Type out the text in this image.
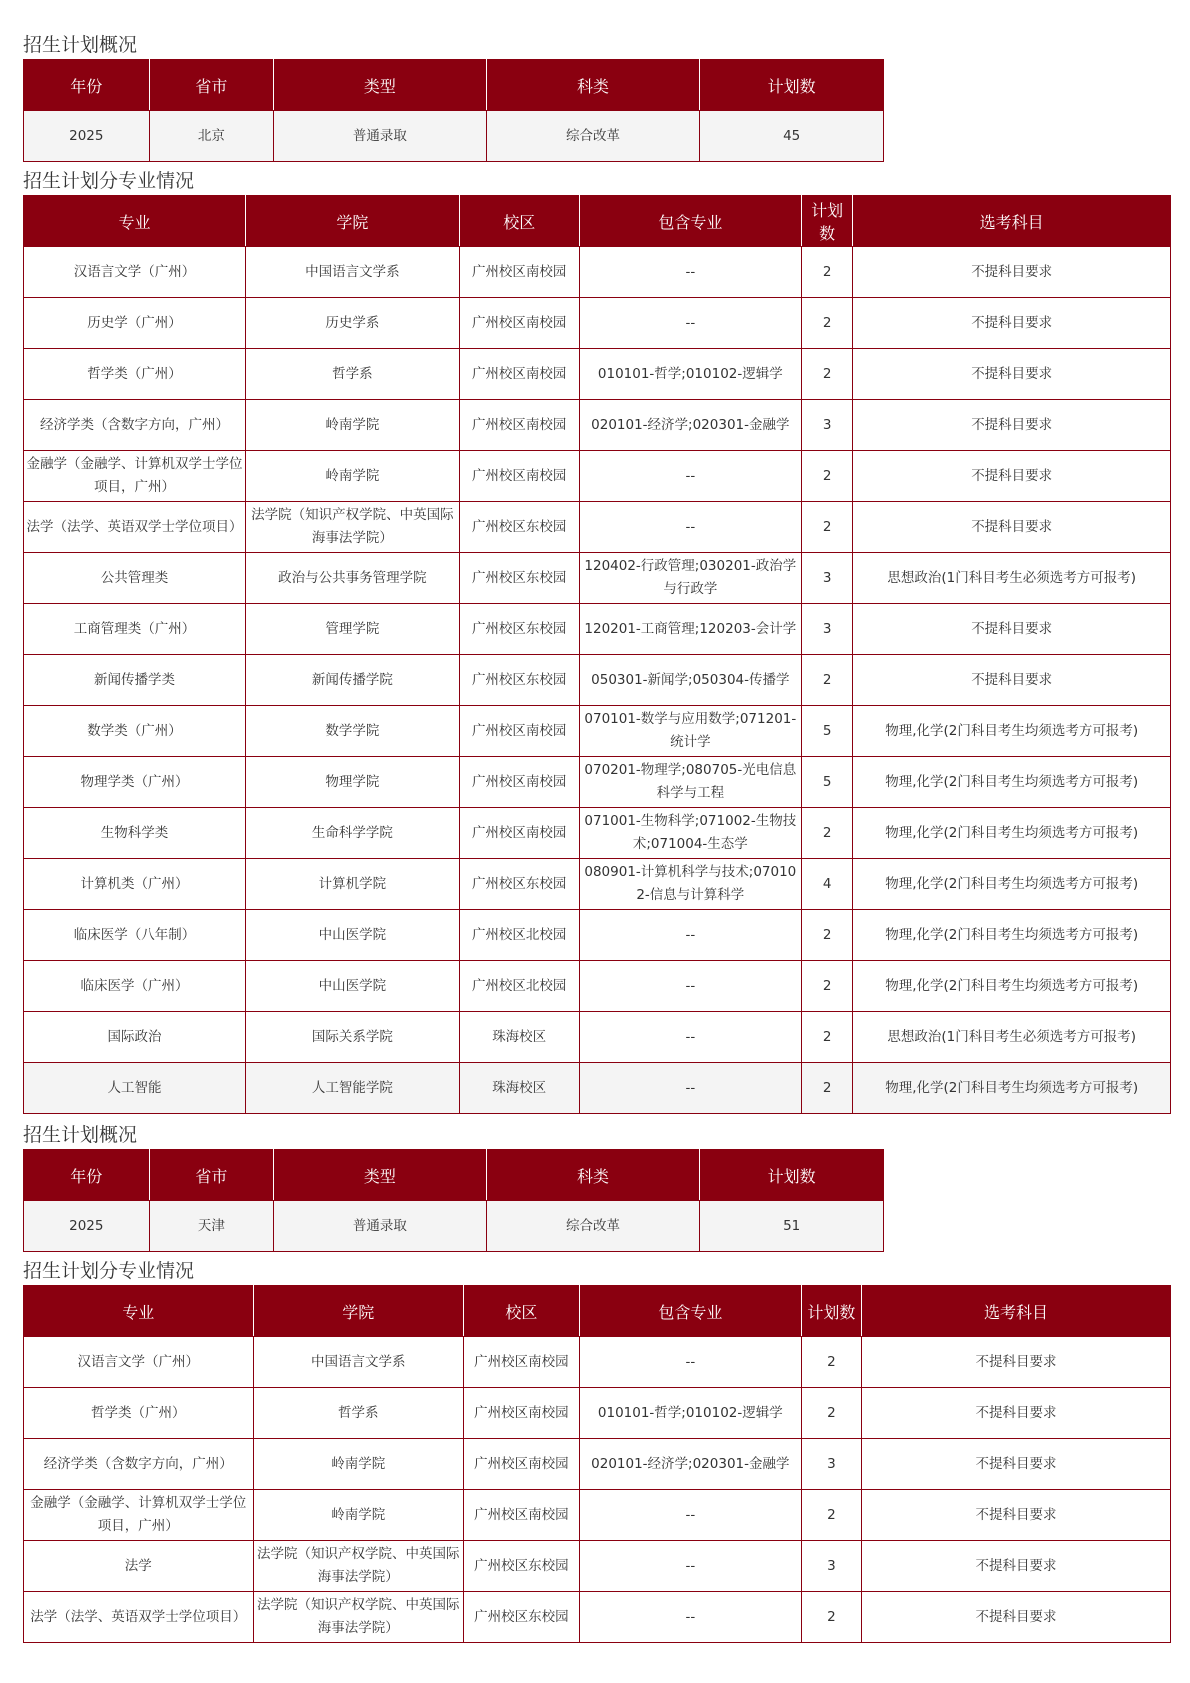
招生计划概况
年份	省市	类型	科类	计划数
2025	北京	普通录取	综合改革	45
招生计划分专业情况
专业	学院	校区	包含专业	计划数	选考科目
汉语言文学（广州）	中国语言文学系	广州校区南校园	--	2	不提科目要求
历史学（广州）	历史学系	广州校区南校园	--	2	不提科目要求
哲学类（广州）	哲学系	广州校区南校园	010101-哲学;010102-逻辑学	2	不提科目要求
经济学类（含数字方向，广州）	岭南学院	广州校区南校园	020101-经济学;020301-金融学	3	不提科目要求
金融学（金融学、计算机双学士学位项目，广州）	岭南学院	广州校区南校园	--	2	不提科目要求
法学（法学、英语双学士学位项目）	法学院（知识产权学院、中英国际海事法学院）	广州校区东校园	--	2	不提科目要求
公共管理类	政治与公共事务管理学院	广州校区东校园	120402-行政管理;030201-政治学与行政学	3	思想政治(1门科目考生必须选考方可报考)
工商管理类（广州）	管理学院	广州校区东校园	120201-工商管理;120203-会计学	3	不提科目要求
新闻传播学类	新闻传播学院	广州校区东校园	050301-新闻学;050304-传播学	2	不提科目要求
数学类（广州）	数学学院	广州校区南校园	070101-数学与应用数学;071201-统计学	5	物理,化学(2门科目考生均须选考方可报考)
物理学类（广州）	物理学院	广州校区南校园	070201-物理学;080705-光电信息科学与工程	5	物理,化学(2门科目考生均须选考方可报考)
生物科学类	生命科学学院	广州校区南校园	071001-生物科学;071002-生物技术;071004-生态学	2	物理,化学(2门科目考生均须选考方可报考)
计算机类（广州）	计算机学院	广州校区东校园	080901-计算机科学与技术;070102-信息与计算科学	4	物理,化学(2门科目考生均须选考方可报考)
临床医学（八年制）	中山医学院	广州校区北校园	--	2	物理,化学(2门科目考生均须选考方可报考)
临床医学（广州）	中山医学院	广州校区北校园	--	2	物理,化学(2门科目考生均须选考方可报考)
国际政治	国际关系学院	珠海校区	--	2	思想政治(1门科目考生必须选考方可报考)
人工智能	人工智能学院	珠海校区	--	2	物理,化学(2门科目考生均须选考方可报考)
招生计划概况
年份	省市	类型	科类	计划数
2025	天津	普通录取	综合改革	51
招生计划分专业情况
专业	学院	校区	包含专业	计划数	选考科目
汉语言文学（广州）	中国语言文学系	广州校区南校园	--	2	不提科目要求
哲学类（广州）	哲学系	广州校区南校园	010101-哲学;010102-逻辑学	2	不提科目要求
经济学类（含数字方向，广州）	岭南学院	广州校区南校园	020101-经济学;020301-金融学	3	不提科目要求
金融学（金融学、计算机双学士学位项目，广州）	岭南学院	广州校区南校园	--	2	不提科目要求
法学	法学院（知识产权学院、中英国际海事法学院）	广州校区东校园	--	3	不提科目要求
法学（法学、英语双学士学位项目）	法学院（知识产权学院、中英国际海事法学院）	广州校区东校园	--	2	不提科目要求
